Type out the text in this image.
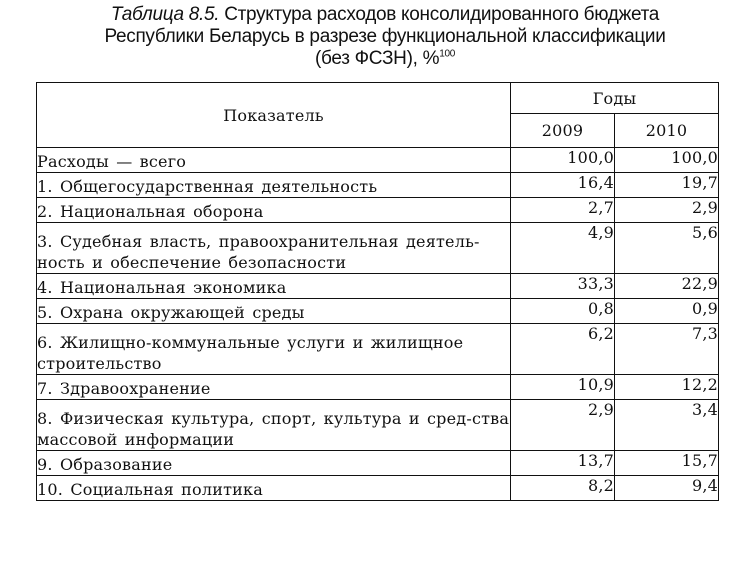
Таблица 8.5. Структура расходов консолидированного бюджета
Республики Беларусь в разрезе функциональной классификации
(без ФСЗН), %$^{100}$
Показатель	Годы	
	2009	2010
Расходы — всего	100,0	100,0
1. Общегосударственная деятельность	16,4	19,7
2. Национальная оборона	2,7	2,9
3. Судебная власть, правоохранительная деятель-ность и обеспечение безопасности	4,9	5,6
4. Национальная экономика	33,3	22,9
5. Охрана окружающей среды	0,8	0,9
6. Жилищно-коммунальные услуги и жилищное строительство	6,2	7,3
7. Здравоохранение	10,9	12,2
8. Физическая культура, спорт, культура и сред-ства массовой информации	2,9	3,4
9. Образование	13,7	15,7
10. Социальная политика	8,2	9,4
